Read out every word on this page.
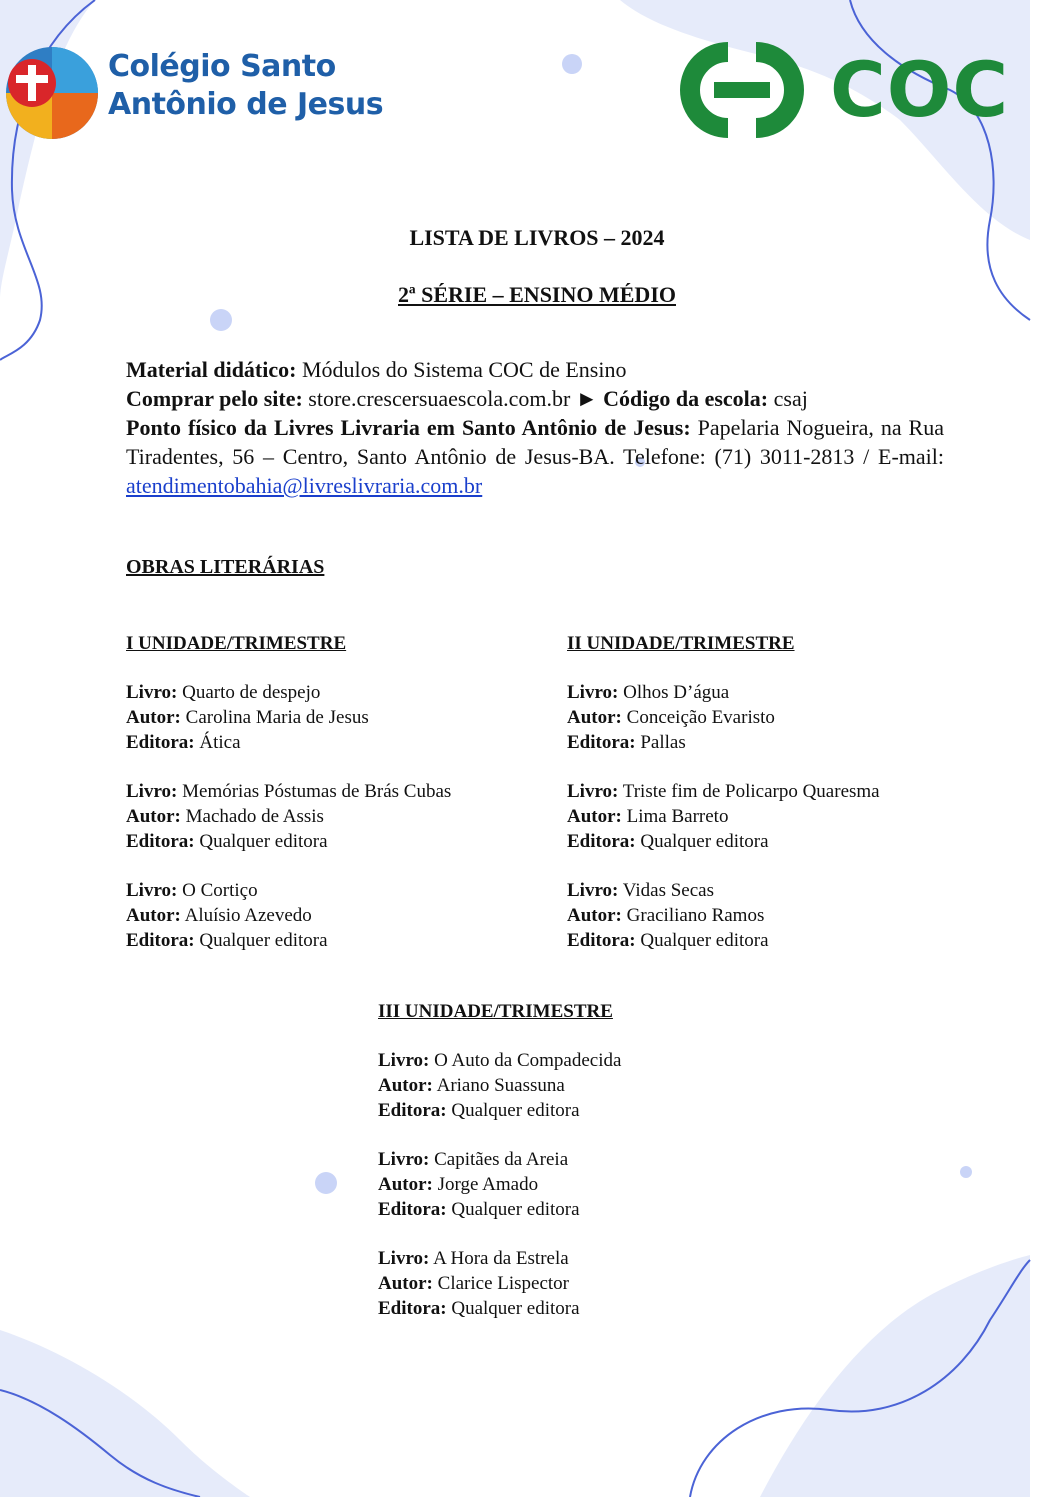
Colégio Santo
Antônio de Jesus	COC
LISTA DE LIVROS – 2024
2ª SÉRIE – ENSINO MÉDIO

Material didático: Módulos do Sistema COC de Ensino

Comprar pelo site: store.crescersuaescola.com.br ► Código da escola: csaj

Ponto físico da Livres Livraria em Santo Antônio de Jesus: Papelaria Nogueira, na Rua Tiradentes, 56 – Centro, Santo Antônio de Jesus-BA. Telefone: (71) 3011-2813 / E-mail: atendimentobahia@livreslivraria.com.br

OBRAS LITERÁRIAS
I UNIDADE/TRIMESTRE
Livro: Quarto de despejo
Autor: Carolina Maria de Jesus
Editora: Ática
Livro: Memórias Póstumas de Brás Cubas
Autor: Machado de Assis
Editora: Qualquer editora
Livro: O Cortiço
Autor: Aluísio Azevedo
Editora: Qualquer editora
II UNIDADE/TRIMESTRE
Livro: Olhos D’água
Autor: Conceição Evaristo
Editora: Pallas
Livro: Triste fim de Policarpo Quaresma
Autor: Lima Barreto
Editora: Qualquer editora
Livro: Vidas Secas
Autor: Graciliano Ramos
Editora: Qualquer editora
III UNIDADE/TRIMESTRE
Livro: O Auto da Compadecida
Autor: Ariano Suassuna
Editora: Qualquer editora
Livro: Capitães da Areia
Autor: Jorge Amado
Editora: Qualquer editora
Livro: A Hora da Estrela
Autor: Clarice Lispector
Editora: Qualquer editora
